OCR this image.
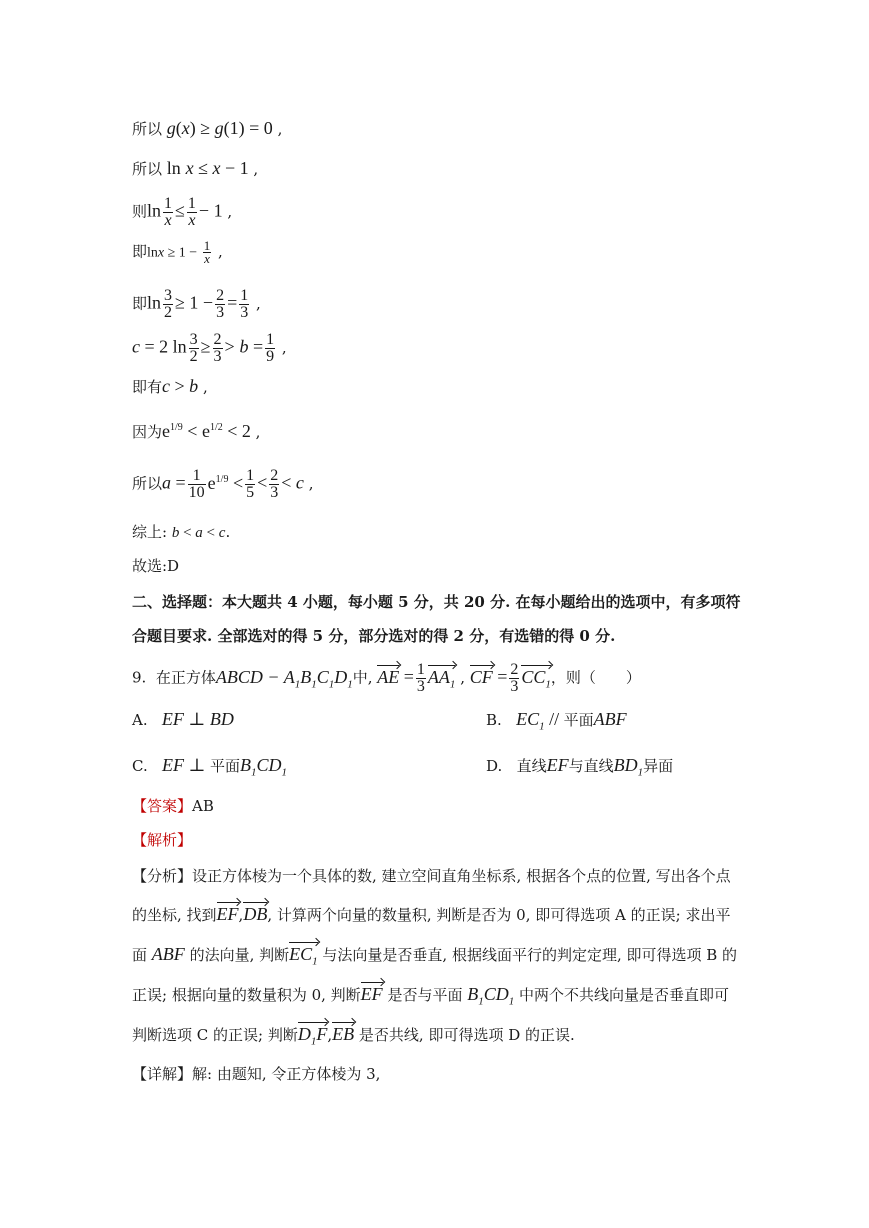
所以 g(x) ≥ g(1) = 0 ,
所以 ln x ≤ x − 1 ,
则$\ln \frac{1}{x} \le \frac{1}{x} - 1$ ,
即$\ln x \ge 1 - \frac{1}{x}$ ,
即$\ln \frac{3}{2} \ge 1 - \frac{2}{3} = \frac{1}{3}$ ,
c = 2 $\ln \frac{3}{2} \ge \frac{2}{3} > b = \frac{1}{9}$ ,
即有c > b ,
因为$e^{1/9} < e^{1/2} < 2$ ,
所以$a = \frac{1}{10} e^{1/9} < \frac{1}{5} < \frac{2}{3} < c$ ,
综上: b < a < c.
故选:D
二、选择题：本大题共 4 小题，每小题 5 分，共 20 分. 在每小题给出的选项中，有多项符
合题目要求. 全部选对的得 5 分，部分选对的得 2 分，有选错的得 0 分.
9. 在正方体ABCD − $A_1B_1C_1D_1$中, AE = $\frac{1}{3} AA_1$ , CF = $\frac{2}{3} CC_1$，则（　　）
A. EF ⊥ BD	B. $EC_1$ // 平面ABF
C. EF ⊥ 平面$B_1CD_1$	D. 直线EF与直线$BD_1$异面
【答案】AB
【解析】
【分析】设正方体棱为一个具体的数, 建立空间直角坐标系, 根据各个点的位置, 写出各个点
的坐标, 找到EF,DB, 计算两个向量的数量积, 判断是否为 0, 即可得选项 A 的正误; 求出平
面 ABF 的法向量, 判断$EC_1$ 与法向量是否垂直, 根据线面平行的判定定理, 即可得选项 B 的
正误; 根据向量的数量积为 0, 判断EF 是否与平面 $B_1CD_1$ 中两个不共线向量是否垂直即可
判断选项 C 的正误; 判断$D_1F,EB$ 是否共线, 即可得选项 D 的正误.
【详解】解: 由题知, 令正方体棱为 3,
